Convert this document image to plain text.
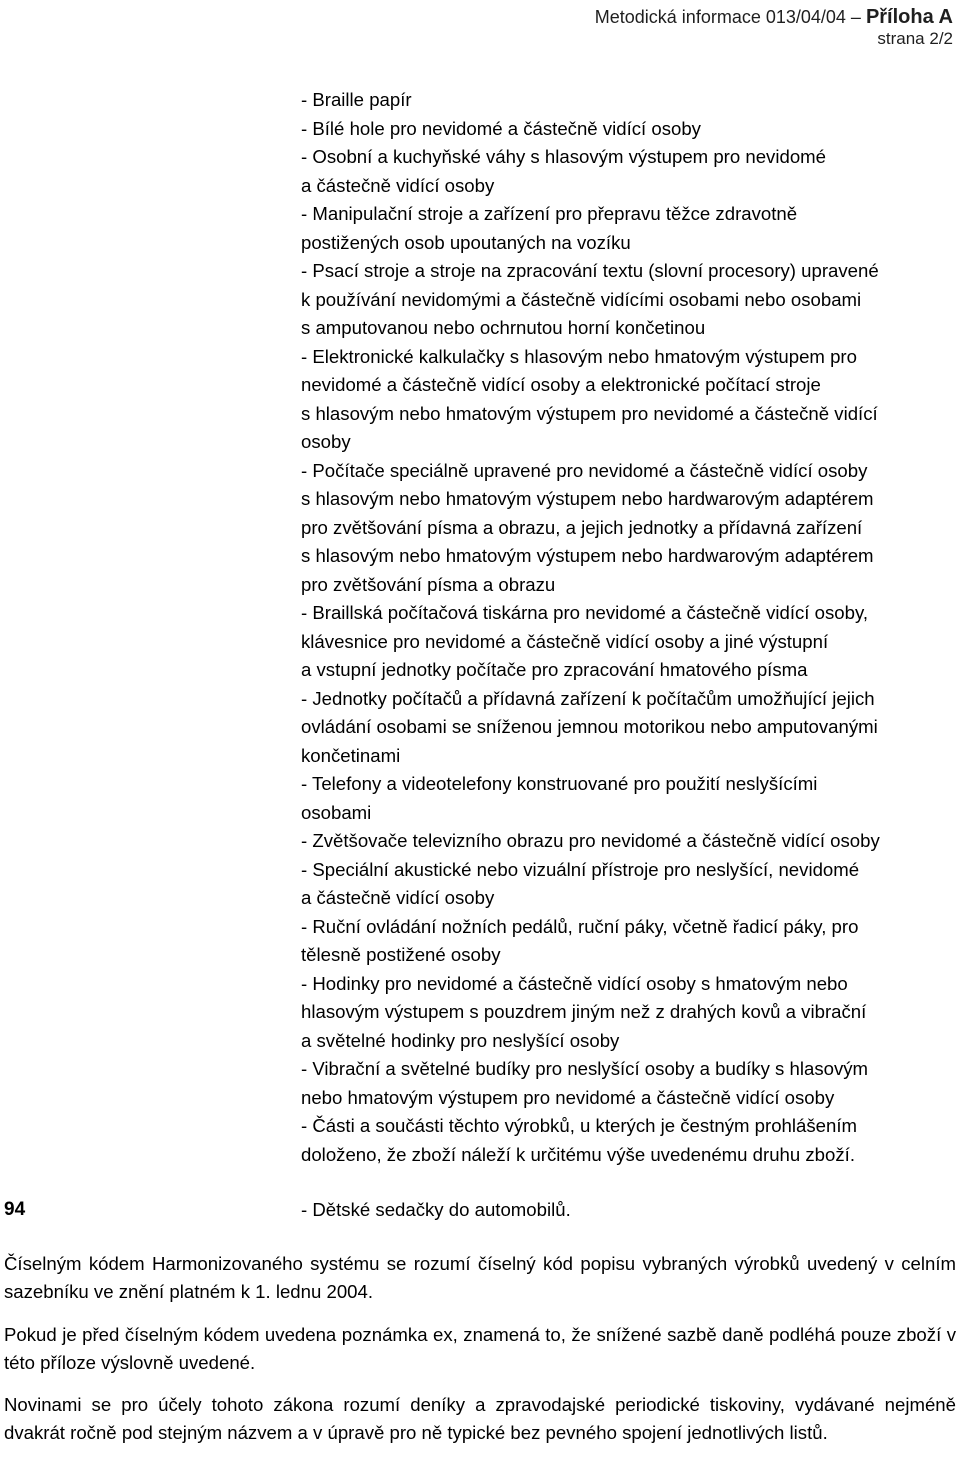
Metodická informace 013/04/04 – Příloha A
strana 2/2
- Braille papír
- Bílé hole pro nevidomé a částečně vidící osoby
- Osobní a kuchyňské váhy s hlasovým výstupem pro nevidomé
a částečně vidící osoby
- Manipulační stroje a zařízení pro přepravu těžce zdravotně
postižených osob upoutaných na vozíku
- Psací stroje a stroje na zpracování textu (slovní procesory) upravené
k používání nevidomými a částečně vidícími osobami nebo osobami
s amputovanou nebo ochrnutou horní končetinou
- Elektronické kalkulačky s hlasovým nebo hmatovým výstupem pro
nevidomé a částečně vidící osoby a elektronické počítací stroje
s hlasovým nebo hmatovým výstupem pro nevidomé a částečně vidící
osoby
- Počítače speciálně upravené pro nevidomé a částečně vidící osoby
s hlasovým nebo hmatovým výstupem nebo hardwarovým adaptérem
pro zvětšování písma a obrazu, a jejich jednotky a přídavná zařízení
s hlasovým nebo hmatovým výstupem nebo hardwarovým adaptérem
pro zvětšování písma a obrazu
- Braillská počítačová tiskárna pro nevidomé a částečně vidící osoby,
klávesnice pro nevidomé a částečně vidící osoby a jiné výstupní
a vstupní jednotky počítače pro zpracování hmatového písma
- Jednotky počítačů a přídavná zařízení k počítačům umožňující jejich
ovládání osobami se sníženou jemnou motorikou nebo amputovanými
končetinami
- Telefony a videotelefony konstruované pro použití neslyšícími
osobami
- Zvětšovače televizního obrazu pro nevidomé a částečně vidící osoby
- Speciální akustické nebo vizuální přístroje pro neslyšící, nevidomé
a částečně vidící osoby
- Ruční ovládání nožních pedálů, ruční páky, včetně řadicí páky, pro
tělesně postižené osoby
- Hodinky pro nevidomé a částečně vidící osoby s hmatovým nebo
hlasovým výstupem s pouzdrem jiným než z drahých kovů a vibrační
a světelné hodinky pro neslyšící osoby
- Vibrační a světelné budíky pro neslyšící osoby a budíky s hlasovým
nebo hmatovým výstupem pro nevidomé a částečně vidící osoby
- Části a součásti těchto výrobků, u kterých je čestným prohlášením
doloženo, že zboží náleží k určitému výše uvedenému druhu zboží.
94	- Dětské sedačky do automobilů.
Číselným kódem Harmonizovaného systému se rozumí číselný kód popisu vybraných výrobků uvedený v celním sazebníku ve znění platném k 1. lednu 2004.
Pokud je před číselným kódem uvedena poznámka ex, znamená to, že snížené sazbě daně podléhá pouze zboží v této příloze výslovně uvedené.
Novinami se pro účely tohoto zákona rozumí deníky a zpravodajské periodické tiskoviny, vydávané nejméně dvakrát ročně pod stejným názvem a v úpravě pro ně typické bez pevného spojení jednotlivých listů.
